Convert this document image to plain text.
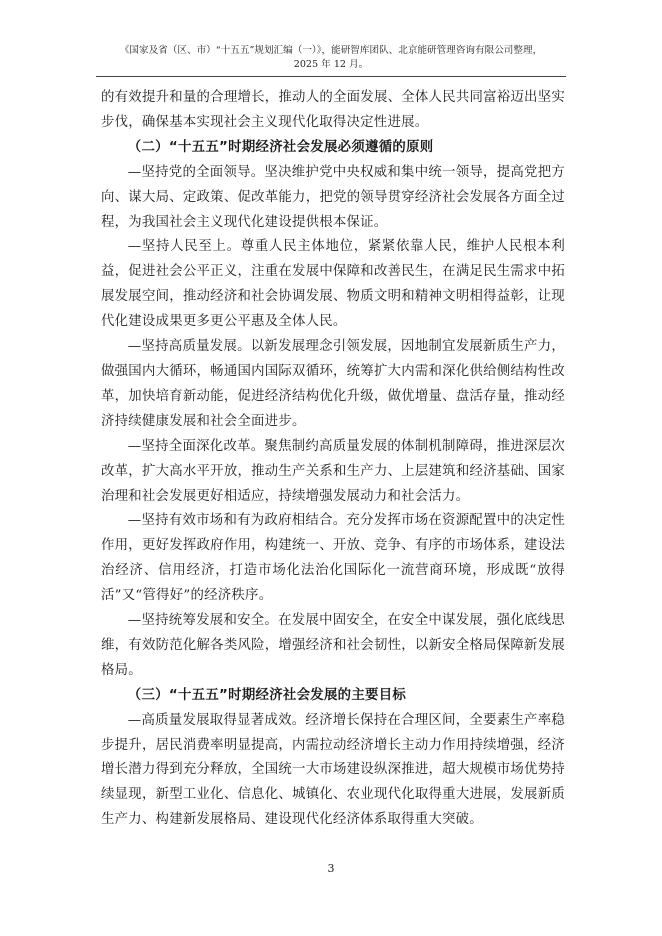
《国家及省（区、市）“十五五”规划汇编（一）》，能研智库团队、北京能研管理咨询有限公司整理，
2025 年 12 月。

的有效提升和量的合理增长，推动人的全面发展、全体人民共同富裕迈出坚实步伐，确保基本实现社会主义现代化取得决定性进展。

（二）“十五五”时期经济社会发展必须遵循的原则

—坚持党的全面领导。坚决维护党中央权威和集中统一领导，提高党把方向、谋大局、定政策、促改革能力，把党的领导贯穿经济社会发展各方面全过程，为我国社会主义现代化建设提供根本保证。

—坚持人民至上。尊重人民主体地位，紧紧依靠人民，维护人民根本利益，促进社会公平正义，注重在发展中保障和改善民生，在满足民生需求中拓展发展空间，推动经济和社会协调发展、物质文明和精神文明相得益彰，让现代化建设成果更多更公平惠及全体人民。

—坚持高质量发展。以新发展理念引领发展，因地制宜发展新质生产力，做强国内大循环，畅通国内国际双循环，统筹扩大内需和深化供给侧结构性改革，加快培育新动能，促进经济结构优化升级，做优增量、盘活存量，推动经济持续健康发展和社会全面进步。

—坚持全面深化改革。聚焦制约高质量发展的体制机制障碍，推进深层次改革，扩大高水平开放，推动生产关系和生产力、上层建筑和经济基础、国家治理和社会发展更好相适应，持续增强发展动力和社会活力。

—坚持有效市场和有为政府相结合。充分发挥市场在资源配置中的决定性作用，更好发挥政府作用，构建统一、开放、竞争、有序的市场体系，建设法治经济、信用经济，打造市场化法治化国际化一流营商环境，形成既“放得活”又“管得好”的经济秩序。

—坚持统筹发展和安全。在发展中固安全，在安全中谋发展，强化底线思维，有效防范化解各类风险，增强经济和社会韧性，以新安全格局保障新发展格局。

（三）“十五五”时期经济社会发展的主要目标

—高质量发展取得显著成效。经济增长保持在合理区间，全要素生产率稳步提升，居民消费率明显提高，内需拉动经济增长主动力作用持续增强，经济增长潜力得到充分释放，全国统一大市场建设纵深推进，超大规模市场优势持续显现，新型工业化、信息化、城镇化、农业现代化取得重大进展，发展新质生产力、构建新发展格局、建设现代化经济体系取得重大突破。

3
